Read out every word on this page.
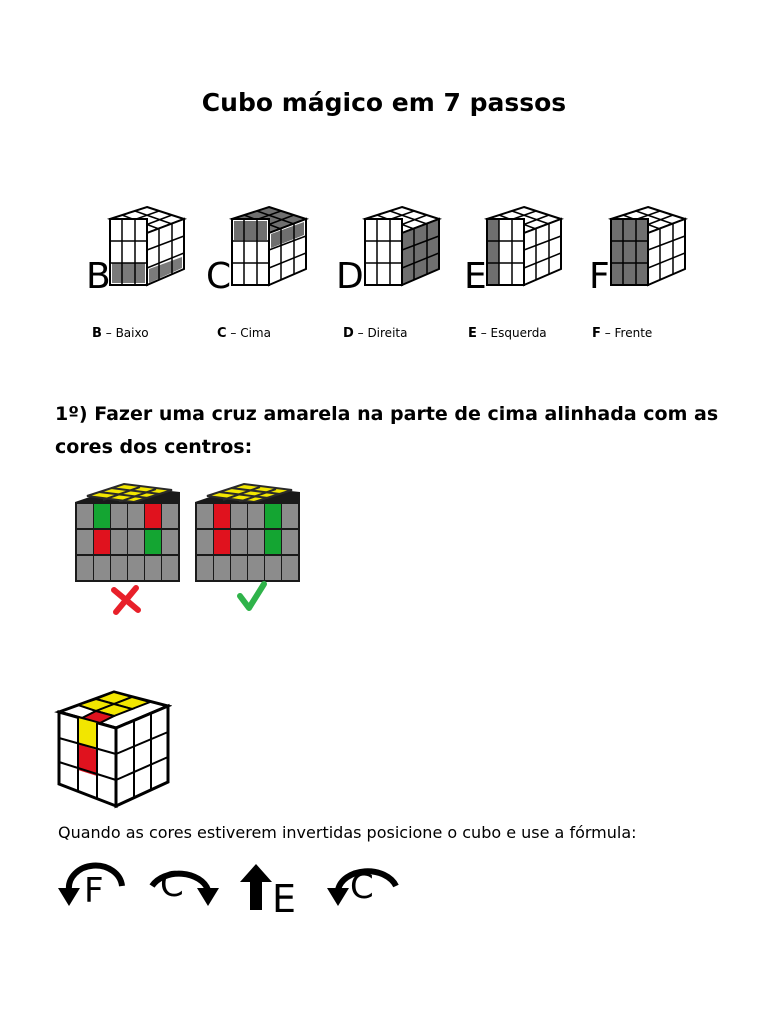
Cubo mágico em 7 passos
B	C	D	E	F
B – Baixo	C – Cima	D – Direita	E – Esquerda	F – Frente
1º) Fazer uma cruz amarela na parte de cima alinhada com as cores dos centros:
Quando as cores estiverem invertidas posicione o cubo e use a fórmula:
F C E C
